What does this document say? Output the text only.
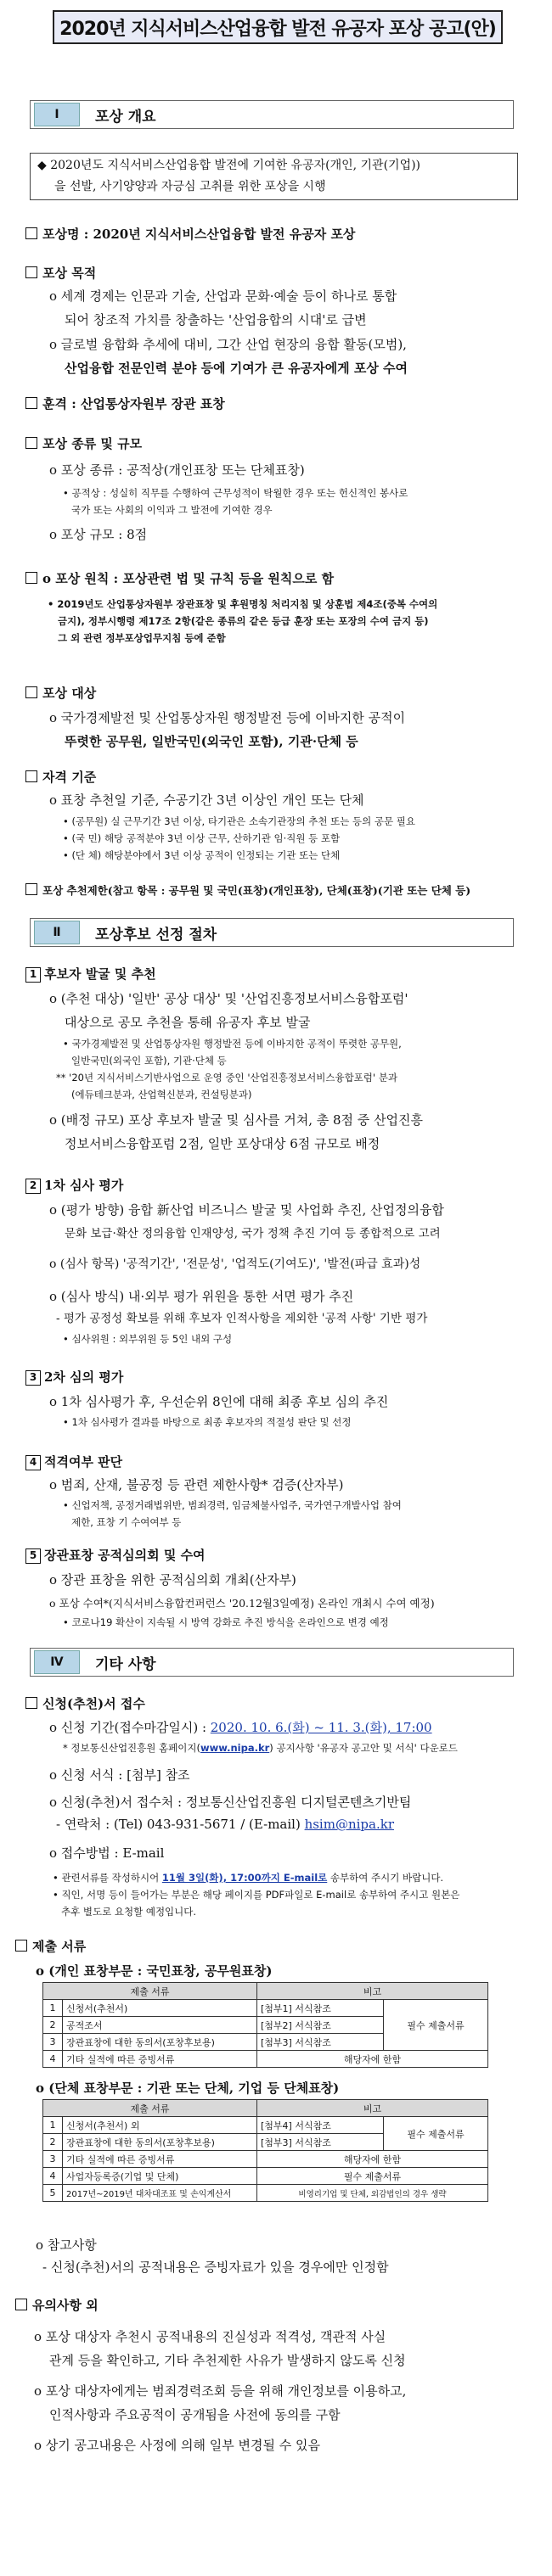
2020년 지식서비스산업융합 발전 유공자 포상 공고(안)
Ⅰ	포상 개요
◆ 2020년도 지식서비스산업융합 발전에 기여한 유공자(개인, 기관(기업))
을 선발, 사기양양과 자긍심 고취를 위한 포상을 시행
포상명 : 2020년 지식서비스산업융합 발전 유공자 포상
포상 목적
o 세계 경제는 인문과 기술, 산업과 문화·예술 등이 하나로 통합
되어 창조적 가치를 창출하는 '산업융합의 시대'로 급변
o 글로벌 융합화 추세에 대비, 그간 산업 현장의 융합 활동(모범),
산업융합 전문인력 분야 등에 기여가 큰 유공자에게 포상 수여
훈격 : 산업통상자원부 장관 표창
포상 종류 및 규모
o 포상 종류 : 공적상(개인표창 또는 단체표창)
• 공적상 : 성실히 직무를 수행하여 근무성적이 탁월한 경우 또는 헌신적인 봉사로
국가 또는 사회의 이익과 그 발전에 기여한 경우
o 포상 규모 : 8점
o 포상 원칙 : 포상관련 법 및 규칙 등을 원칙으로 함
• 2019년도 산업통상자원부 장관표창 및 후원명칭 처리지침 및 상훈법 제4조(중복 수여의
금지), 정부시행령 제17조 2항(같은 종류의 같은 등급 훈장 또는 포장의 수여 금지 등)
그 외 관련 정부포상업무지침 등에 준함
포상 대상
o 국가경제발전 및 산업통상자원 행정발전 등에 이바지한 공적이
뚜렷한 공무원, 일반국민(외국인 포함), 기관·단체 등
자격 기준
o 표창 추천일 기준, 수공기간 3년 이상인 개인 또는 단체
• (공무원) 실 근무기간 3년 이상, 타기관은 소속기관장의 추천 또는 등의 공문 필요
• (국 민) 해당 공적분야 3년 이상 근무, 산하기관 임·직원 등 포함
• (단 체) 해당분야에서 3년 이상 공적이 인정되는 기관 또는 단체
포상 추천제한(참고 항목 : 공무원 및 국민(표창)(개인표창), 단체(표창)(기관 또는 단체 등)
Ⅱ	포상후보 선정 절차
1 후보자 발굴 및 추천
o (추천 대상) '일반' 공상 대상' 및 '산업진흥정보서비스융합포럼'
대상으로 공모 추천을 통해 유공자 후보 발굴
• 국가경제발전 및 산업통상자원 행정발전 등에 이바지한 공적이 뚜렷한 공무원,
일반국민(외국인 포함), 기관·단체 등
** '20년 지식서비스기반사업으로 운영 중인 '산업진흥정보서비스융합포럼' 분과
(에듀테크분과, 산업혁신분과, 컨설팅분과)
o (배정 규모) 포상 후보자 발굴 및 심사를 거쳐, 총 8점 중 산업진흥
정보서비스융합포럼 2점, 일반 포상대상 6점 규모로 배정
2 1차 심사 평가
o (평가 방향) 융합 新산업 비즈니스 발굴 및 사업화 추진, 산업정의융합
문화 보급·확산 정의융합 인재양성, 국가 정책 추진 기여 등 종합적으로 고려
o (심사 항목) '공적기간', '전문성', '업적도(기여도)', '발전(파급 효과)성
o (심사 방식) 내·외부 평가 위원을 통한 서면 평가 추진
- 평가 공정성 확보를 위해 후보자 인적사항을 제외한 '공적 사항' 기반 평가
• 심사위원 : 외부위원 등 5인 내외 구성
3 2차 심의 평가
o 1차 심사평가 후, 우선순위 8인에 대해 최종 후보 심의 추진
• 1차 심사평가 결과를 바탕으로 최종 후보자의 적절성 판단 및 선정
4 적격여부 판단
o 범죄, 산재, 불공정 등 관련 제한사항* 검증(산자부)
• 신업저책, 공정거래법위반, 범죄경력, 임금체불사업주, 국가연구개발사업 참여
제한, 표창 기 수여여부 등
5 장관표창 공적심의회 및 수여
o 장관 표창을 위한 공적심의회 개최(산자부)
o 포상 수여*(지식서비스융합컨퍼런스 '20.12월3일예정) 온라인 개최시 수여 예정)
• 코로나19 확산이 지속될 시 방역 강화로 추진 방식을 온라인으로 변경 예정
Ⅳ	기타 사항
신청(추천)서 접수
o 신청 기간(접수마감일시) : 2020. 10. 6.(화) ~ 11. 3.(화), 17:00
* 정보통신산업진흥원 홈페이지(www.nipa.kr) 공지사항 '유공자 공고안 및 서식' 다운로드
o 신청 서식 : [첨부] 참조
o 신청(추천)서 접수처 : 정보통신산업진흥원 디지털콘텐츠기반팀
- 연락처 : (Tel) 043-931-5671 / (E-mail) hsim@nipa.kr
o 접수방법 : E-mail
• 관련서류를 작성하시어 11월 3일(화), 17:00까지 E-mail로 송부하여 주시기 바랍니다.
• 직인, 서명 등이 들어가는 부분은 해당 페이지를 PDF파일로 E-mail로 송부하여 주시고 원본은
추후 별도로 요청할 예정입니다.
제출 서류
o (개인 표창부문 : 국민표창, 공무원표창)
제출 서류		비고	
1	신청서(추천서)	[첨부1] 서식참조	필수 제출서류
2	공적조서	[첨부2] 서식참조	
3	장관표창에 대한 동의서(포창후보용)	[첨부3] 서식참조	
4	기타 실적에 따른 증빙서류	해당자에 한함	
o (단체 표창부문 : 기관 또는 단체, 기업 등 단체표창)
제출 서류		비고	
1	신청서(추천서) 외	[첨부4] 서식참조	필수 제출서류
2	장관표창에 대한 동의서(포창후보용)	[첨부3] 서식참조	
3	기타 실적에 따른 증빙서류	해당자에 한함	
4	사업자등록증(기업 및 단체)	필수 제출서류	
5	2017년~2019년 대차대조표 및 손익계산서	비영리기업 및 단체, 외감법인의 경우 생략	
o 참고사항
- 신청(추천)서의 공적내용은 증빙자료가 있을 경우에만 인정함
유의사항 외
o 포상 대상자 추천시 공적내용의 진실성과 적격성, 객관적 사실
관계 등을 확인하고, 기타 추천제한 사유가 발생하지 않도록 신청
o 포상 대상자에게는 범죄경력조회 등을 위해 개인정보를 이용하고,
인적사항과 주요공적이 공개됨을 사전에 동의를 구함
o 상기 공고내용은 사정에 의해 일부 변경될 수 있음
